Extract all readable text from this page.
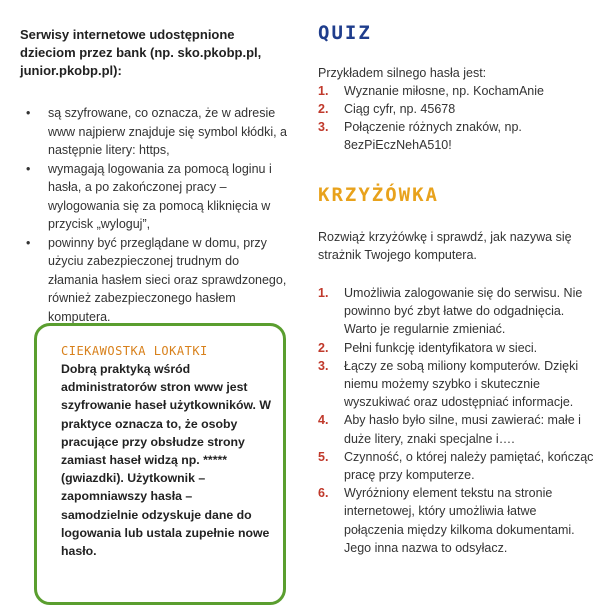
Serwisy internetowe udostępnione dzieciom przez bank (np. sko.pkobp.pl, junior.pkobp.pl):
• są szyfrowane, co oznacza, że w adresie www najpierw znajduje się symbol kłódki, a następnie litery: https,
• wymagają logowania za pomocą loginu i hasła, a po zakończonej pracy – wylogowania się za pomocą kliknięcia w przycisk „wyloguj”,
• powinny być przeglądane w domu, przy użyciu zabezpieczonej trudnym do złamania hasłem sieci oraz sprawdzonego, również zabezpieczonego hasłem komputera.
CIEKAWOSTKA LOKATKI
Dobrą praktyką wśród administratorów stron www jest szyfrowanie haseł użytkowników. W praktyce oznacza to, że osoby pracujące przy obsłudze strony zamiast haseł widzą np. ***** (gwiazdki). Użytkownik – zapomniawszy hasła – samodzielnie odzyskuje dane do logowania lub ustala zupełnie nowe hasło.
QUIZ
Przykładem silnego hasła jest:
1. Wyznanie miłosne, np. KochamAnie
2. Ciąg cyfr, np. 45678
3. Połączenie różnych znaków, np. 8ezPiEczNehA510!
KRZYŻÓWKA
Rozwiąż krzyżówkę i sprawdź, jak nazywa się strażnik Twojego komputera.
1. Umożliwia zalogowanie się do serwisu. Nie powinno być zbyt łatwe do odgadnięcia. Warto je regularnie zmieniać.
2. Pełni funkcję identyfikatora w sieci.
3. Łączy ze sobą miliony komputerów. Dzięki niemu możemy szybko i skutecznie wyszukiwać oraz udostępniać informacje.
4. Aby hasło było silne, musi zawierać: małe i duże litery, znaki specjalne i….
5. Czynność, o której należy pamiętać, kończąc pracę przy komputerze.
6. Wyróżniony element tekstu na stronie internetowej, który umożliwia łatwe połączenia między kilkoma dokumentami. Jego inna nazwa to odsyłacz.
